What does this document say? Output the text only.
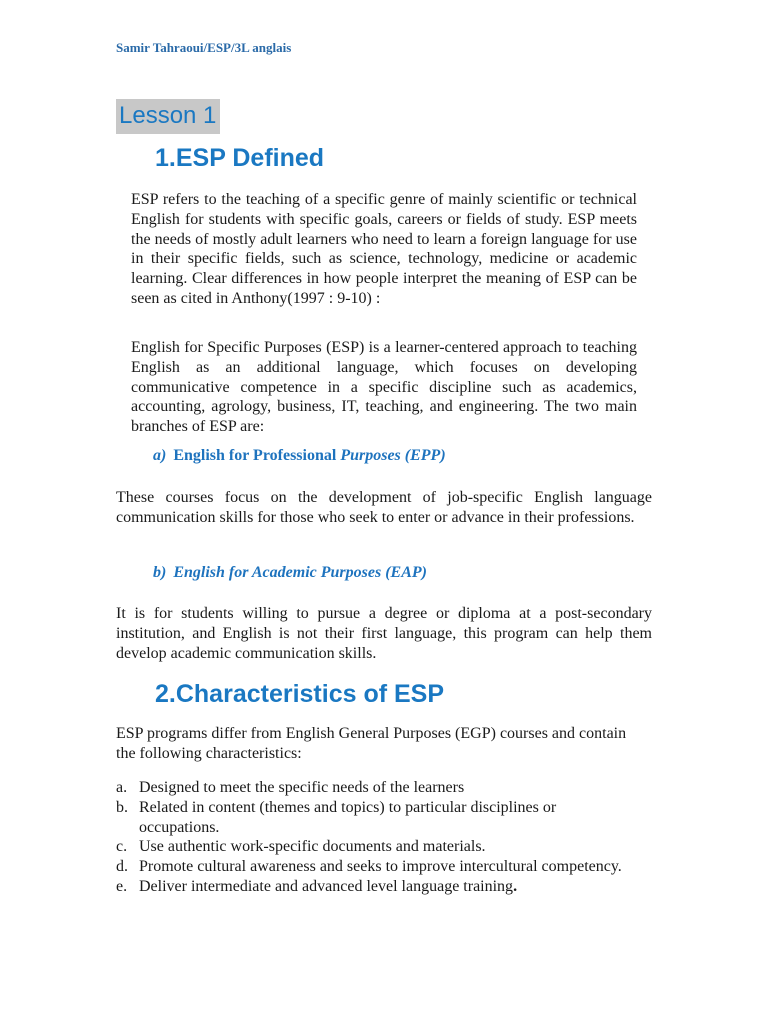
Samir Tahraoui/ESP/3L anglais
Lesson 1
1.ESP Defined

ESP refers to the teaching of a specific genre of mainly scientific or technical English for students with specific goals, careers or fields of study. ESP meets the needs of mostly adult learners who need to learn a foreign language for use in their specific fields, such as science, technology, medicine or academic learning. Clear differences in how people interpret the meaning of ESP can be seen as cited in Anthony(1997 : 9-10) :

English for Specific Purposes (ESP) is a learner-centered approach to teaching English as an additional language, which focuses on developing communicative competence in a specific discipline such as academics, accounting, agrology, business, IT, teaching, and engineering. The two main branches of ESP are:

a) English for Professional Purposes (EPP)

These courses focus on the development of job-specific English language communication skills for those who seek to enter or advance in their professions.

b) English for Academic Purposes (EAP)

It is for students willing to pursue a degree or diploma at a post-secondary institution, and English is not their first language, this program can help them develop academic communication skills.

2.Characteristics of ESP

ESP programs differ from English General Purposes (EGP) courses and contain the following characteristics:

a. Designed to meet the specific needs of the learners
b. Related in content (themes and topics) to particular disciplines or occupations.
c. Use authentic work-specific documents and materials.
d. Promote cultural awareness and seeks to improve intercultural competency.
e. Deliver intermediate and advanced level language training.
